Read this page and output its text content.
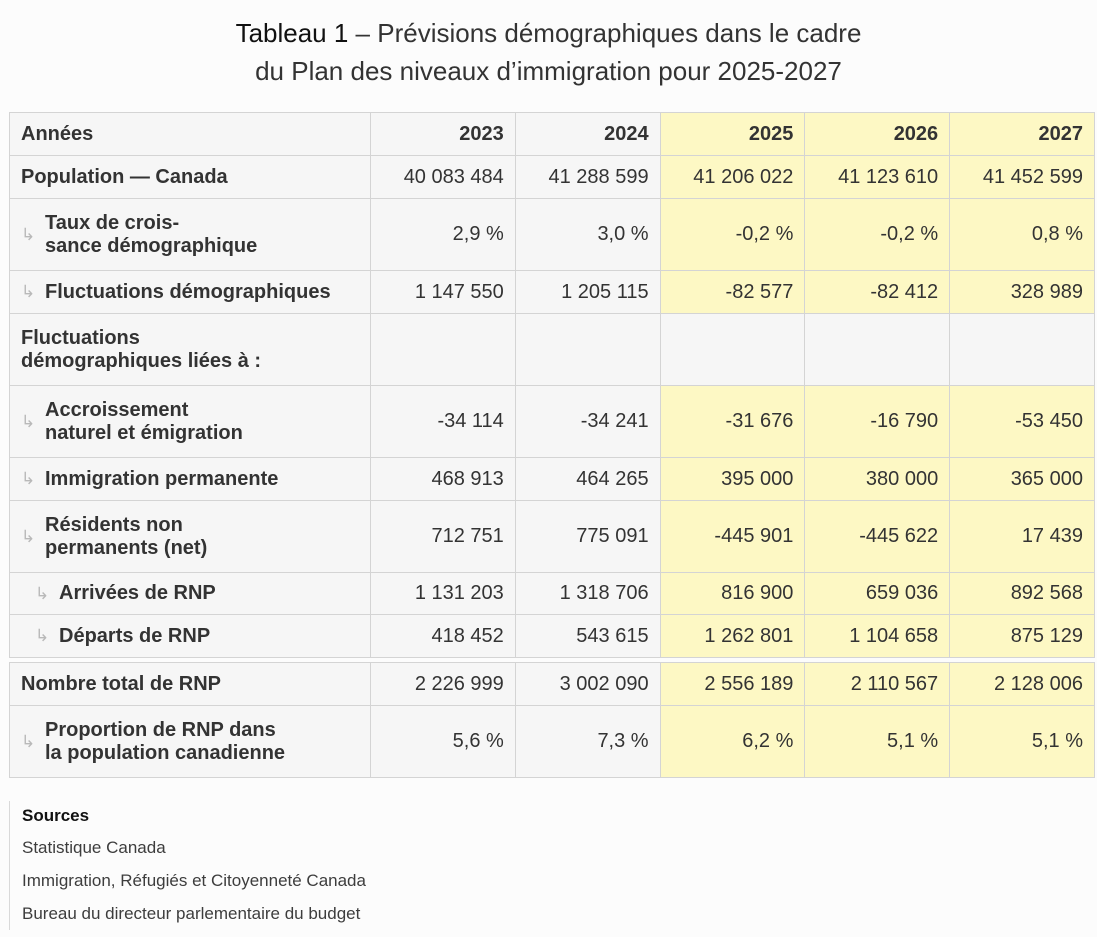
Tableau 1 – Prévisions démographiques dans le cadre
du Plan des niveaux d’immigration pour 2025-2027
Années	2023	2024	2025	2026	2027
Population — Canada	40 083 484	41 288 599	41 206 022	41 123 610	41 452 599

↳
Taux de crois-
sance démographique	2,9 %	3,0 %	-0,2 %	-0,2 %	0,8 %

↳ Fluctuations démographiques	1 147 550	1 205 115	-82 577	-82 412	328 989
Fluctuations
démographiques liées à :					

↳
Accroissement
naturel et émigration	-34 114	-34 241	-31 676	-16 790	-53 450

↳ Immigration permanente	468 913	464 265	395 000	380 000	365 000

↳
Résidents non
permanents (net)	712 751	775 091	-445 901	-445 622	17 439

↳ Arrivées de RNP	1 131 203	1 318 706	816 900	659 036	892 568

↳ Départs de RNP	418 452	543 615	1 262 801	1 104 658	875 129

Nombre total de RNP	2 226 999	3 002 090	2 556 189	2 110 567	2 128 006

↳
Proportion de RNP dans
la population canadienne	5,6 %	7,3 %	6,2 %	5,1 %	5,1 %
Sources
Statistique Canada
Immigration, Réfugiés et Citoyenneté Canada
Bureau du directeur parlementaire du budget
